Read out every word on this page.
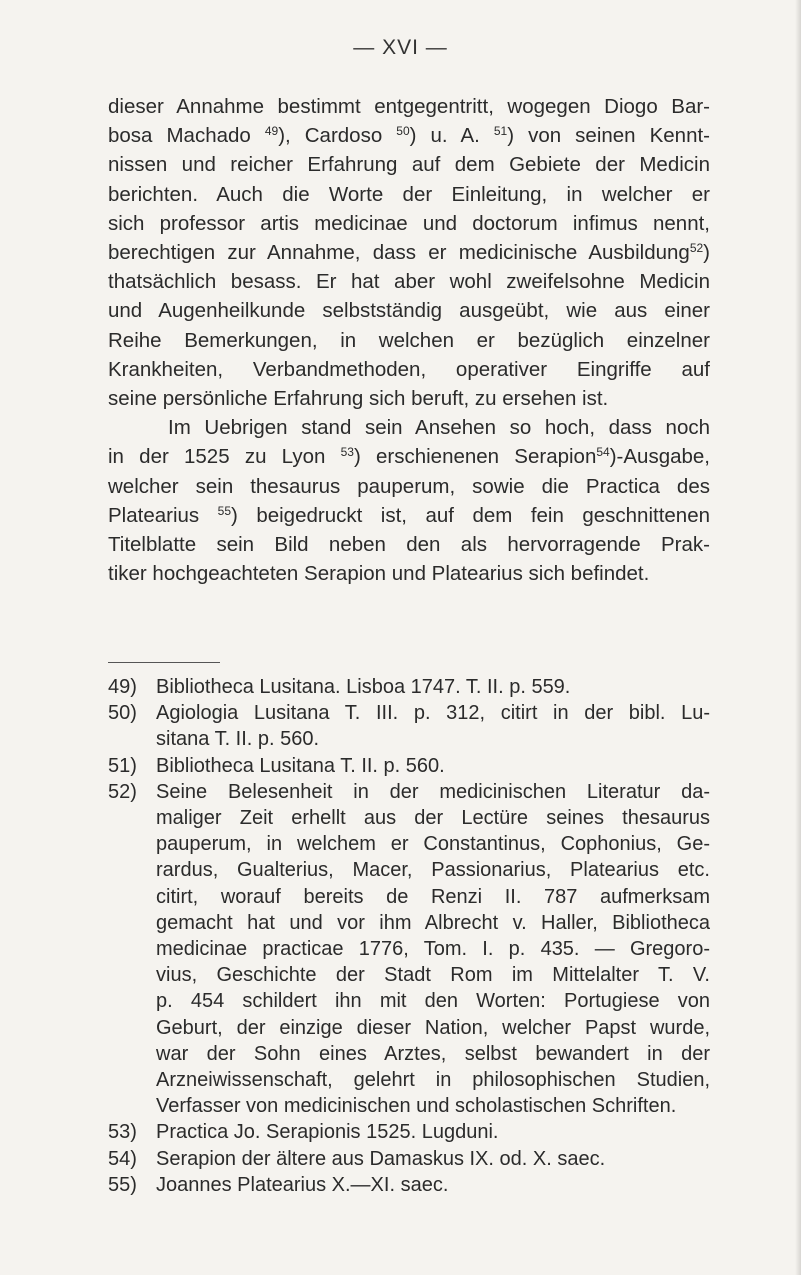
— XVI —

dieser Annahme bestimmt entgegentritt, wogegen Diogo Bar-
bosa Machado $^{49}$), Cardoso $^{50}$) u. A. $^{51}$) von seinen Kennt-
nissen und reicher Erfahrung auf dem Gebiete der Medicin
berichten. Auch die Worte der Einleitung, in welcher er
sich professor artis medicinae und doctorum infimus nennt,
berechtigen zur Annahme, dass er medicinische Ausbildung$^{52}$)
thatsächlich besass. Er hat aber wohl zweifelsohne Medicin
und Augenheilkunde selbstständig ausgeübt, wie aus einer
Reihe Bemerkungen, in welchen er bezüglich einzelner
Krankheiten, Verbandmethoden, operativer Eingriffe auf
seine persönliche Erfahrung sich beruft, zu ersehen ist.

Im Uebrigen stand sein Ansehen so hoch, dass noch
in der 1525 zu Lyon $^{53}$) erschienenen Serapion$^{54}$)-Ausgabe,
welcher sein thesaurus pauperum, sowie die Practica des
Platearius $^{55}$) beigedruckt ist, auf dem fein geschnittenen
Titelblatte sein Bild neben den als hervorragende Prak-
tiker hochgeachteten Serapion und Platearius sich befindet.

49) Bibliotheca Lusitana. Lisboa 1747. T. II. p. 559.
50) Agiologia Lusitana T. III. p. 312, citirt in der bibl. Lu-
sitana T. II. p. 560.
51) Bibliotheca Lusitana T. II. p. 560.
52) Seine Belesenheit in der medicinischen Literatur da-
maliger Zeit erhellt aus der Lectüre seines thesaurus
pauperum, in welchem er Constantinus, Cophonius, Ge-
rardus, Gualterius, Macer, Passionarius, Platearius etc.
citirt, worauf bereits de Renzi II. 787 aufmerksam
gemacht hat und vor ihm Albrecht v. Haller, Bibliotheca
medicinae practicae 1776, Tom. I. p. 435. — Gregoro-
vius, Geschichte der Stadt Rom im Mittelalter T. V.
p. 454 schildert ihn mit den Worten: Portugiese von
Geburt, der einzige dieser Nation, welcher Papst wurde,
war der Sohn eines Arztes, selbst bewandert in der
Arzneiwissenschaft, gelehrt in philosophischen Studien,
Verfasser von medicinischen und scholastischen Schriften.
53) Practica Jo. Serapionis 1525. Lugduni.
54) Serapion der ältere aus Damaskus IX. od. X. saec.
55) Joannes Platearius X.—XI. saec.
